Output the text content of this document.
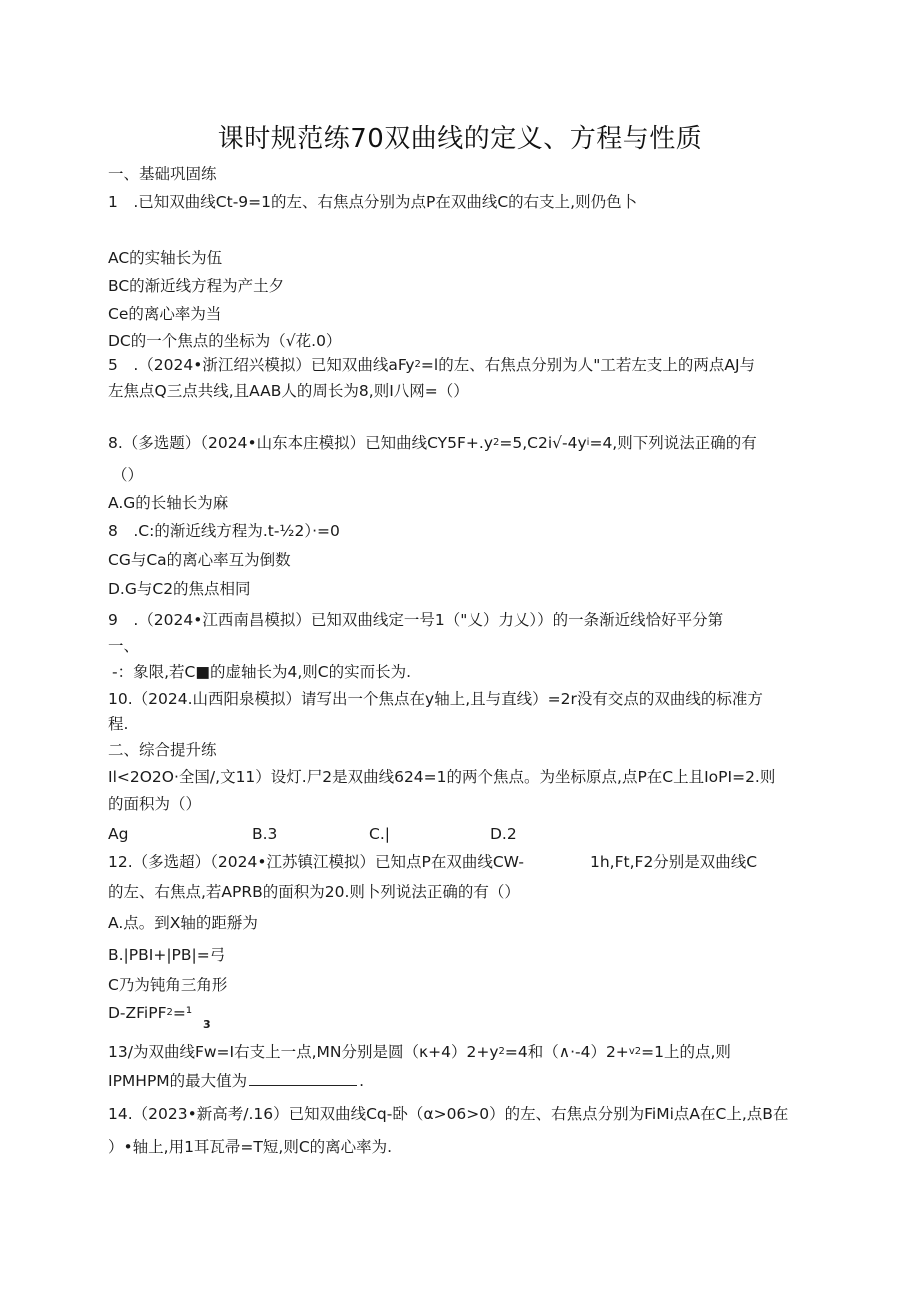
课时规范练70双曲线的定义、方程与性质
一、基础巩固练
1　.已知双曲线Ct-9=1的左、右焦点分别为点P在双曲线C的右支上,则仍色卜
AC的实轴长为伍
BC的渐近线方程为产土夕
Ce的离心率为当
DC的一个焦点的坐标为（√花.0）
5　.（2024•浙江绍兴模拟）已知双曲线aFy$^2$=l的左、右焦点分别为人"工若左支上的两点AJ与
左焦点Q三点共线,且AAB人的周长为8,则I八网=（）
8.（多选题）（2024•山东本庄模拟）已知曲线$CY5F+.y^2=5,C2i√-4y^i=4$,则下列说法正确的有
（）
A.G的长轴长为麻
8　.C:的渐近线方程为.t-½2）·=0
CG与Ca的离心率互为倒数
D.G与C2的焦点相同
9　.（2024•江西南昌模拟）已知双曲线定一号1（"乂）力乂））的一条渐近线恰好平分第
一、
-：象限,若C■的虚轴长为4,则C的实而长为.
10.（2024.山西阳泉模拟）请写出一个焦点在y轴上,且与直线）=2r没有交点的双曲线的标准方
程.
二、综合提升练
Il<2O2O·全国/,文11）设灯.尸2是双曲线624=1的两个焦点。为坐标原点,点P在C上且IoPI=2.则
的面积为（）
Ag	B.3	C.|	D.2
12.（多选超）（2024•江苏镇江模拟）已知点P在双曲线CW-	1h,Ft,F2分别是双曲线C
的左、右焦点,若APRB的面积为20.则卜列说法正确的有（）
A.点。到X轴的距掰为
B.|PBI+|PB|=弓
C乃为钝角三角形
D-ZFiPF2=¹
3
13/为双曲线Fw=I右支上一点,MN分别是圆$(\kappa+4)2+y^2=4$和$(\wedge\cdot-4)2+v^2=1$上的点,则
IPMHPM的最大值为	.
14.（2023•新高考/.16）已知双曲线Cq-卧（α>06>0）的左、右焦点分别为FiMi点A在C上,点B在
）•轴上,用1耳瓦帚=T短,则C的离心率为.
